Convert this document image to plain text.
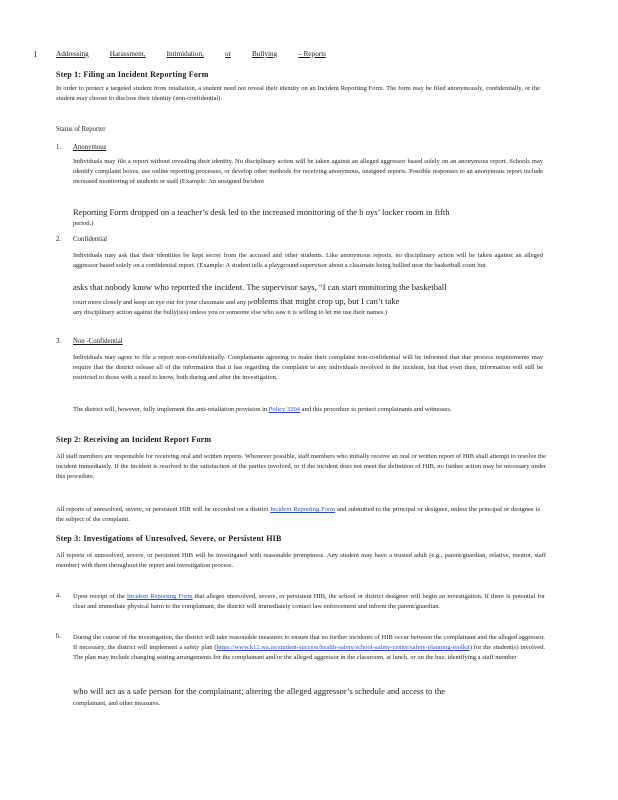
I	Addressing	Harassment,	Intimidation,	or	Bullying	– Reports
Step 1: Filing an Incident Reporting Form
In order to protect a targeted student from retaliation, a student need not reveal their identity on an Incident Reporting Form. The form may be filed anonymously, confidentially, or the student may choose to disclose their identity (non-confidential).
Status of Reporter
1. Anonymous
Individuals may file a report without revealing their identity. No disciplinary action will be taken against an alleged aggressor based solely on an anonymous report. Schools may identify complaint boxes, use online reporting processes, or develop other methods for receiving anonymous, unsigned reports. Possible responses to an anonymous report include increased monitoring of students or staff (Example: An unsigned Incident
Reporting Form dropped on a teacher’s desk led to the increased monitoring of the b oys’ locker room in fifth
period.)
2. Confidential
Individuals may ask that their identities be kept secret from the accused and other students. Like anonymous reports, no disciplinary action will be taken against an alleged aggressor based solely on a confidential report. (Example: A student tells a playground supervisor about a classmate being bullied near the basketball court but
asks that nobody know who reported the incident. The supervisor says, “I can start monitoring the basketball
court more closely and keep an eye out for your classmate and any problems that might crop up, but I can’t take
any disciplinary action against the bully(ies) unless you or someone else who saw it is willing to let me use their names.)
3. Non -Confidential
Individuals may agree to file a report non-confidentially. Complainants agreeing to make their complaint non-confidential will be informed that due process requirements may require that the district release all of the information that it has regarding the complaint to any individuals involved in the incident, but that even then, information will still be restricted to those with a need to know, both during and after the investigation.
The district will, however, fully implement the anti-retaliation provision in Policy 3204 and this procedure to protect complainants and witnesses.
Step 2: Receiving an Incident Report Form
All staff members are responsible for receiving oral and written reports. Whenever possible, staff members who initially receive an oral or written report of HIB shall attempt to resolve the incident immediately. If the incident is resolved to the satisfaction of the parties involved, or if the incident does not meet the definition of HIB, no further action may be necessary under this procedure.
All reports of unresolved, severe, or persistent HIB will be recorded on a district Incident Reporting Form and submitted to the principal or designee, unless the principal or designee is the subject of the complaint.
Step 3: Investigations of Unresolved, Severe, or Persistent HIB
All reports of unresolved, severe, or persistent HIB will be investigated with reasonable promptness. Any student may have a trusted adult (e.g., parent/guardian, relative, mentor, staff member) with them throughout the report and investigation process.
a. Upon receipt of the Incident Reporting Form that alleges unresolved, severe, or persistent HIB, the school or district designee will begin an investigation. If there is potential for clear and immediate physical harm to the complainant, the district will immediately contact law enforcement and inform the parent/guardian.
b. During the course of the investigation, the district will take reasonable measures to ensure that no further incidents of HIB occur between the complainant and the alleged aggressor. If necessary, the district will implement a safety plan (https://www.k12.wa.us/student-success/health-safety/school-safety-center/safety-planning-toolkit) for the student(s) involved. The plan may include changing seating arrangements for the complainant and/or the alleged aggressor in the classroom, at lunch, or on the bus; identifying a staff member
who will act as a safe person for the complainant; altering the alleged aggressor’s schedule and access to the
complainant, and other measures.
